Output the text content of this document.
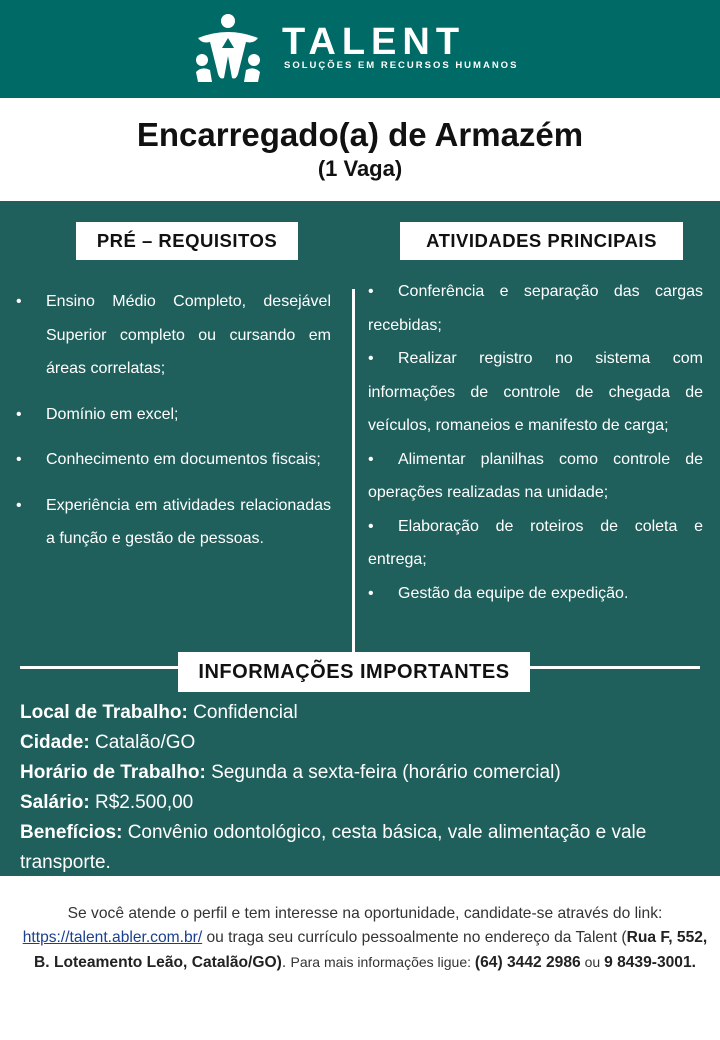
TALENT
SOLUÇÕES EM RECURSOS HUMANOS
Encarregado(a) de Armazém
(1 Vaga)
PRÉ – REQUISITOS	ATIVIDADES PRINCIPAIS
• Ensino Médio Completo, desejável Superior completo ou cursando em áreas correlatas;
• Domínio em excel;
• Conhecimento em documentos fiscais;
• Experiência em atividades relacionadas a função e gestão de pessoas.
• Conferência e separação das cargas recebidas;
• Realizar registro no sistema com informações de controle de chegada de veículos, romaneios e manifesto de carga;
• Alimentar planilhas como controle de operações realizadas na unidade;
• Elaboração de roteiros de coleta e entrega;
• Gestão da equipe de expedição.
INFORMAÇÕES IMPORTANTES
Local de Trabalho: Confidencial
Cidade: Catalão/GO
Horário de Trabalho: Segunda a sexta-feira (horário comercial)
Salário: R$2.500,00
Benefícios: Convênio odontológico, cesta básica, vale alimentação e vale transporte.
Se você atende o perfil e tem interesse na oportunidade, candidate-se através do link: https://talent.abler.com.br/ ou traga seu currículo pessoalmente no endereço da Talent (Rua F, 552, B. Loteamento Leão, Catalão/GO). Para mais informações ligue: (64) 3442 2986 ou 9 8439-3001.
